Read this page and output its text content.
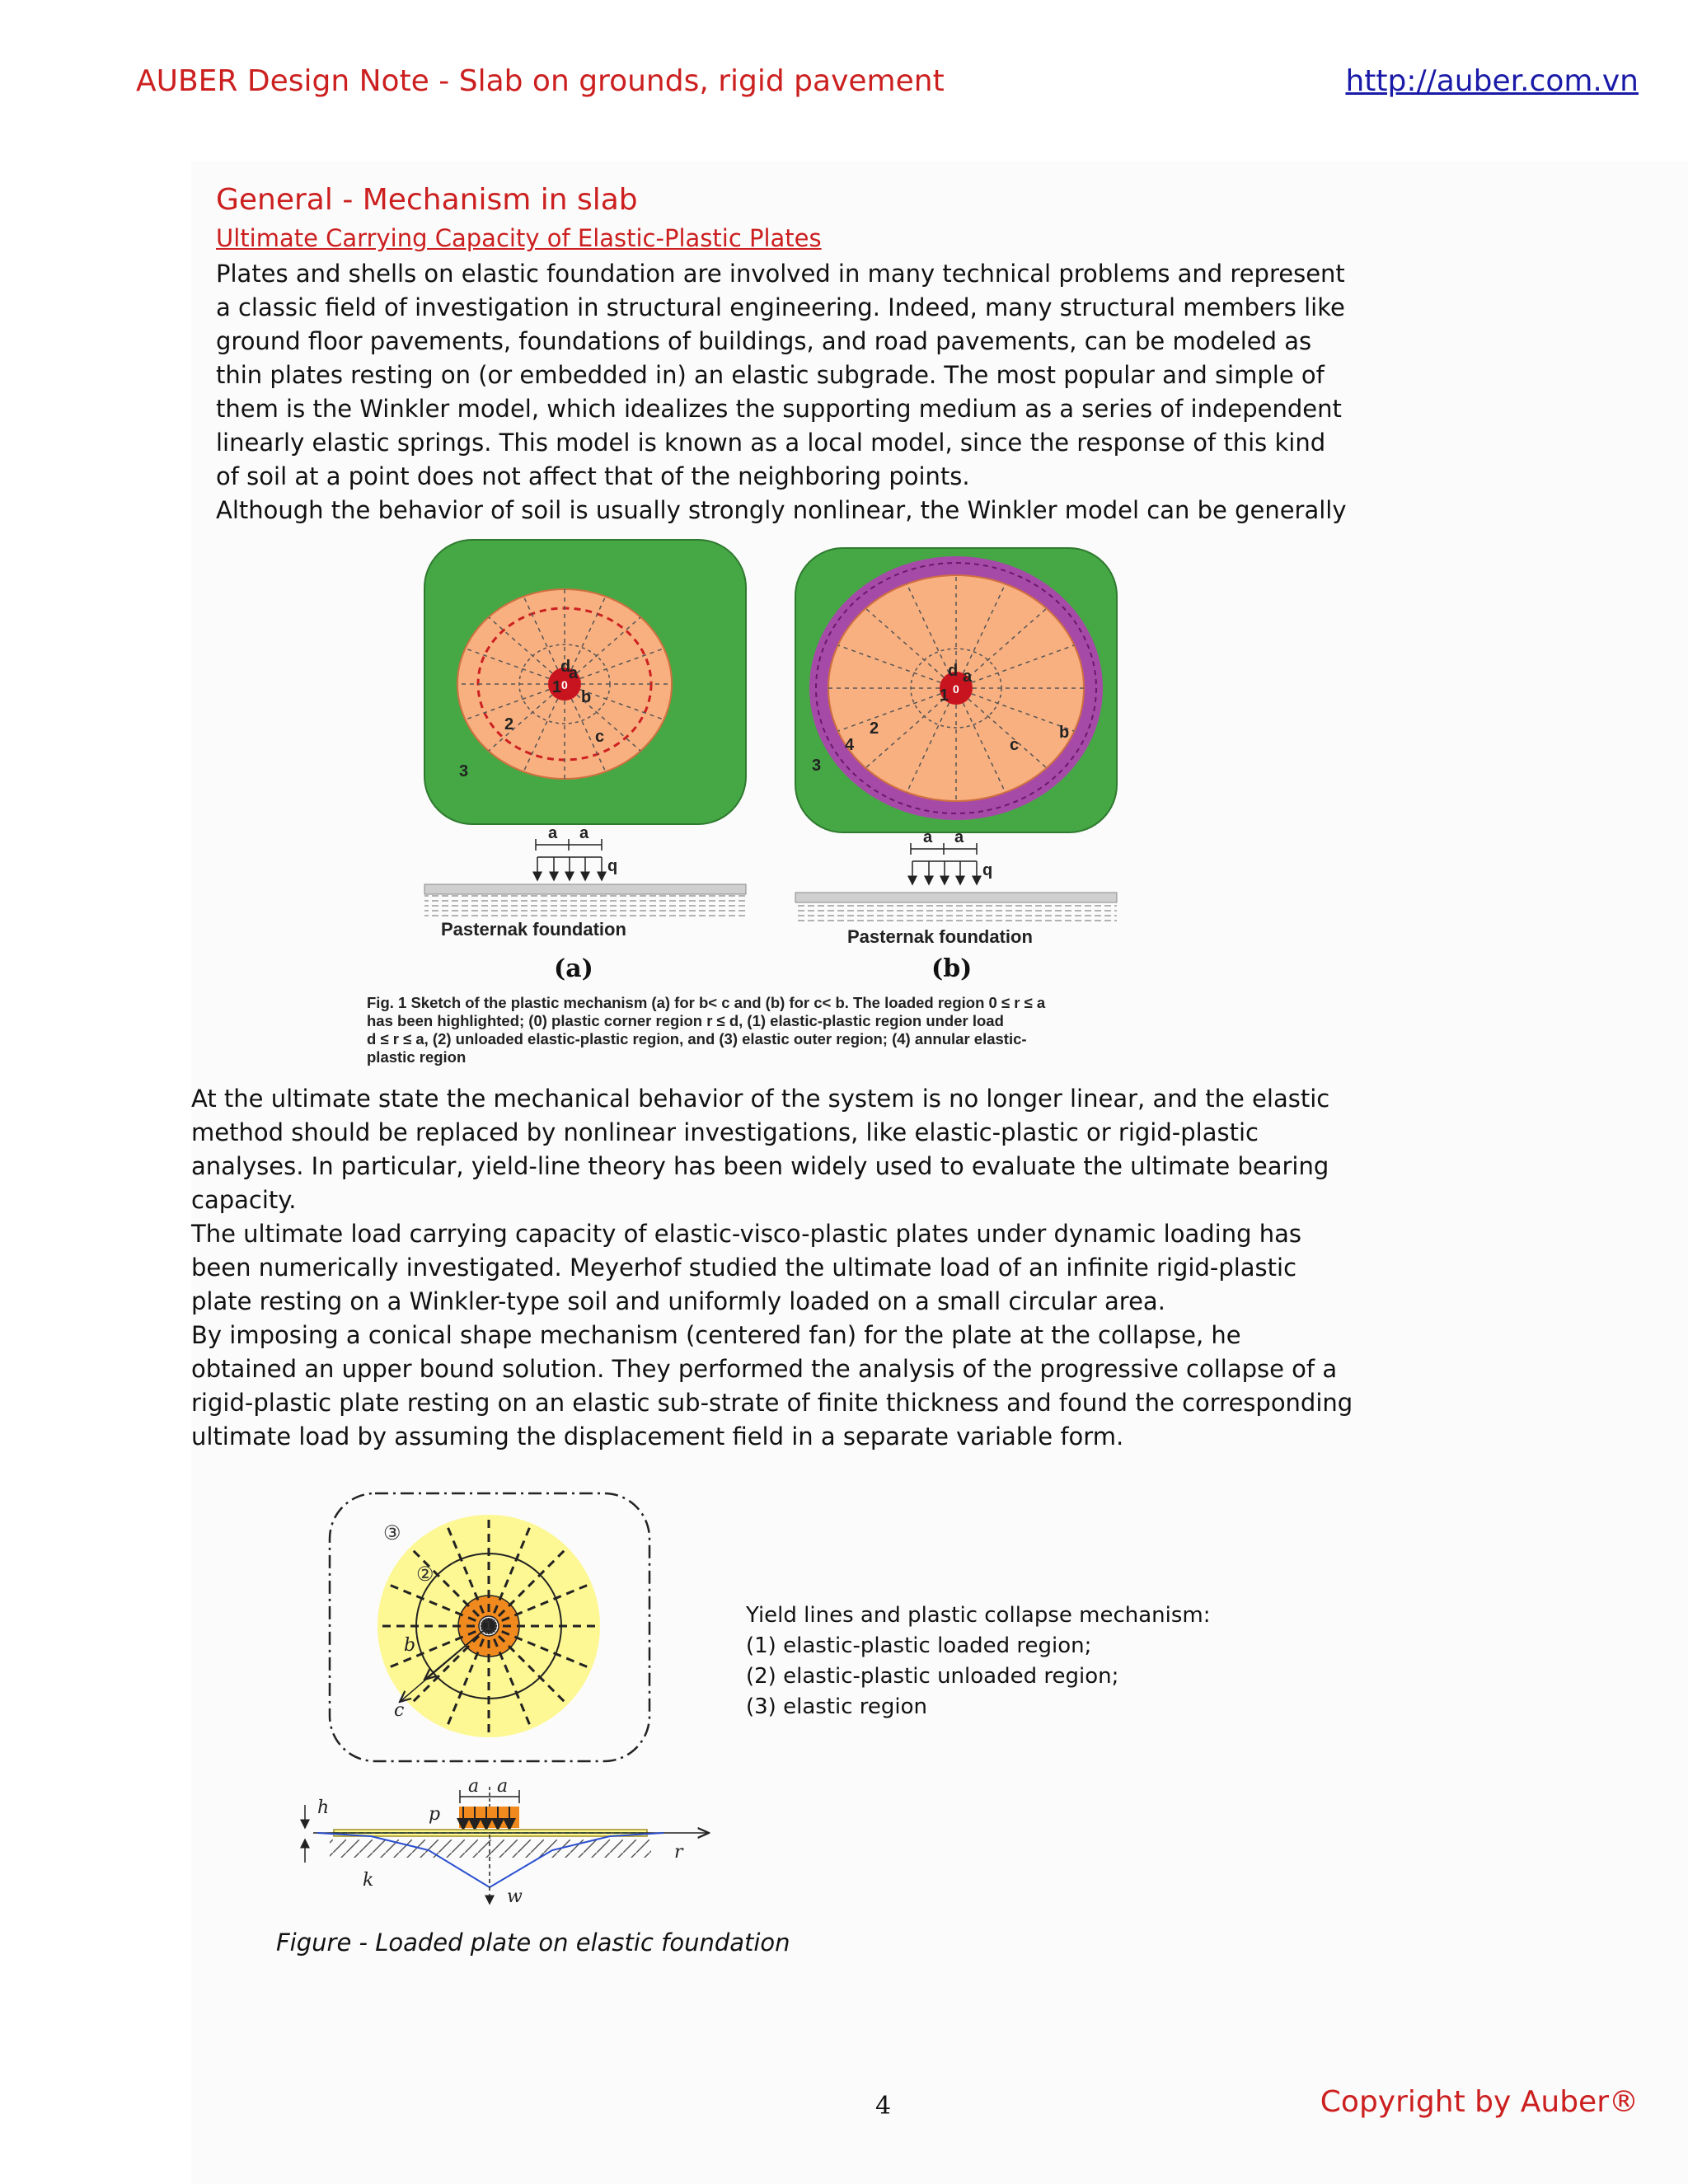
AUBER Design Note - Slab on grounds, rigid pavement	http://auber.com.vn
General - Mechanism in slab
Ultimate Carrying Capacity of Elastic-Plastic Plates

Plates and shells on elastic foundation are involved in many technical problems and represent a classic field of investigation in structural engineering. Indeed, many structural members like ground floor pavements, foundations of buildings, and road pavements, can be modeled as thin plates resting on (or embedded in) an elastic subgrade. The most popular and simple of them is the Winkler model, which idealizes the supporting medium as a series of independent linearly elastic springs. This model is known as a local model, since the response of this kind of soil at a point does not affect that of the neighboring points.

Although the behavior of soil is usually strongly nonlinear, the Winkler model can be generally

1
2
3
a
b
c
d
0
a a
q
Pasternak foundation
(a)
1
2
3
4
a
b
c
d
0
a a
q
Pasternak foundation
(b)
Fig. 1 Sketch of the plastic mechanism (a) for b< c and (b) for c< b. The loaded region 0 ≤ r ≤ a
has been highlighted; (0) plastic corner region r ≤ d, (1) elastic-plastic region under load
d ≤ r ≤ a, (2) unloaded elastic-plastic region, and (3) elastic outer region; (4) annular elastic-
plastic region

At the ultimate state the mechanical behavior of the system is no longer linear, and the elastic method should be replaced by nonlinear investigations, like elastic-plastic or rigid-plastic analyses. In particular, yield-line theory has been widely used to evaluate the ultimate bearing capacity.

The ultimate load carrying capacity of elastic-visco-plastic plates under dynamic loading has been numerically investigated. Meyerhof studied the ultimate load of an infinite rigid-plastic plate resting on a Winkler-type soil and uniformly loaded on a small circular area.

By imposing a conical shape mechanism (centered fan) for the plate at the collapse, he obtained an upper bound solution. They performed the analysis of the progressive collapse of a rigid-plastic plate resting on an elastic sub-strate of finite thickness and found the corresponding ultimate load by assuming the displacement field in a separate variable form.

③
②
①
b
c
h	p
a a
k
w
r
Yield lines and plastic collapse mechanism:
(1) elastic-plastic loaded region;
(2) elastic-plastic unloaded region;
(3) elastic region
Figure - Loaded plate on elastic foundation
4	Copyright by Auber®
